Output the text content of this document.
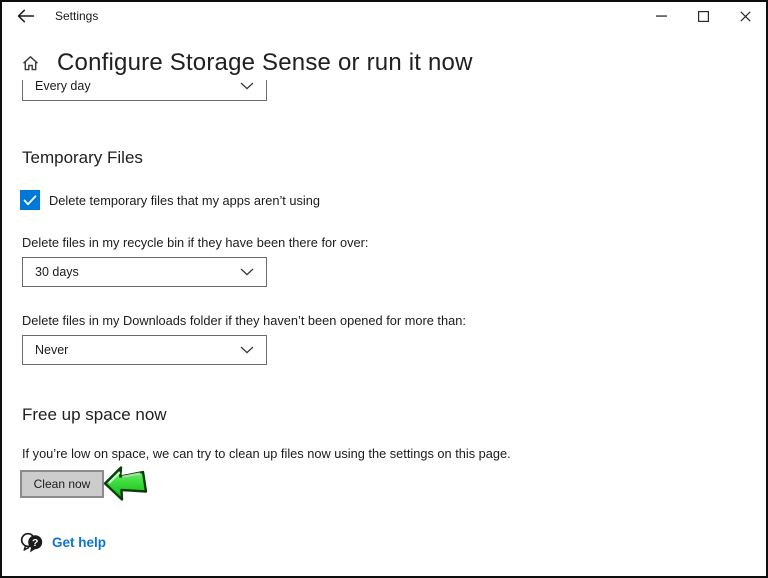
Settings
Configure Storage Sense or run it now
Every day
Temporary Files
Delete temporary files that my apps aren’t using
Delete files in my recycle bin if they have been there for over:
30 days
Delete files in my Downloads folder if they haven’t been opened for more than:
Never
Free up space now
If you’re low on space, we can try to clean up files now using the settings on this page.
Clean now
? Get help
